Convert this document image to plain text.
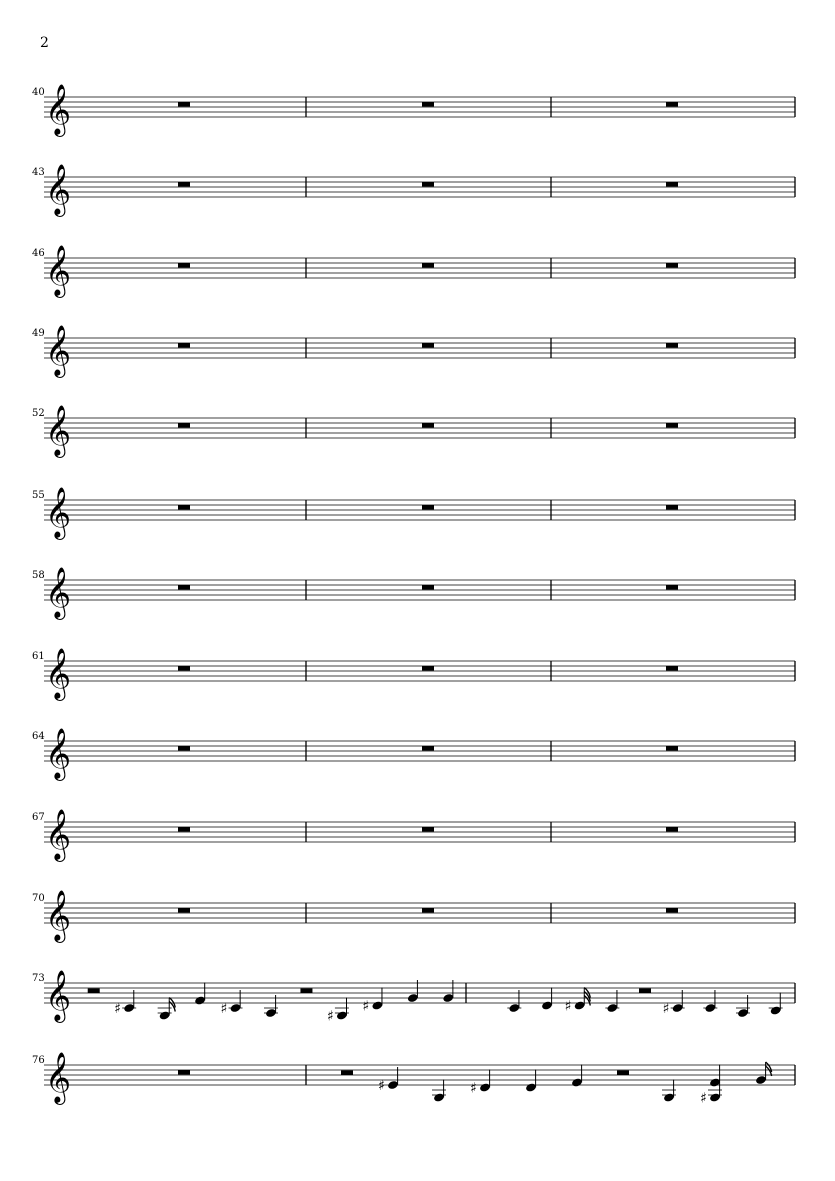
2
𝄞
40
𝄞
43
𝄞
46
𝄞
49
𝄞
52
𝄞
55
𝄞
58
𝄞
61
𝄞
64
𝄞
67
𝄞
70
𝄞
73
♯	♯	♯
♯	♯	♯
𝄞
76
♯	♯
♯
